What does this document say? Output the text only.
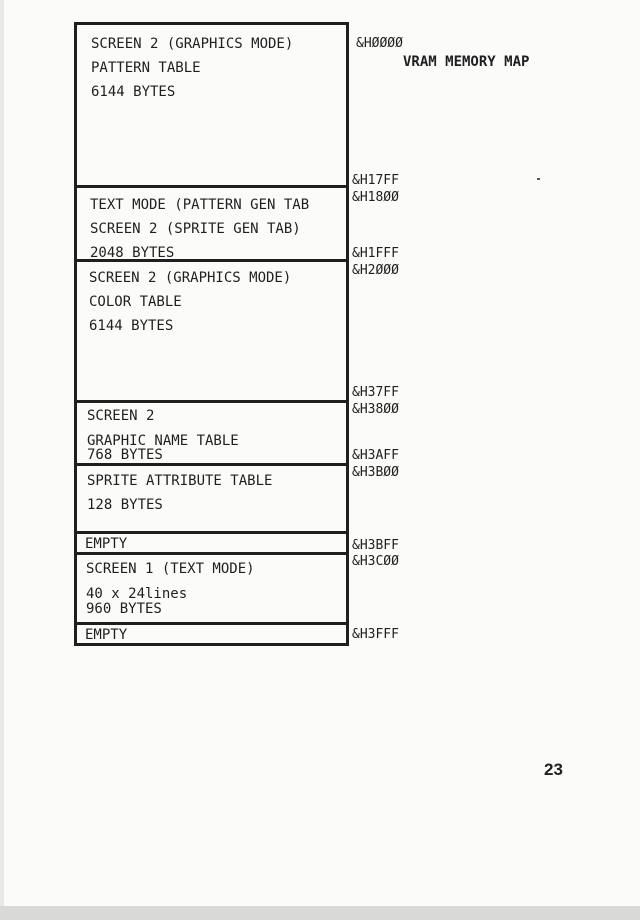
VRAM MEMORY MAP
SCREEN 2 (GRAPHICS MODE)
PATTERN TABLE
6144 BYTES
TEXT MODE (PATTERN GEN TAB
SCREEN 2 (SPRITE GEN TAB)
2048 BYTES
SCREEN 2 (GRAPHICS MODE)
COLOR TABLE
6144 BYTES
SCREEN 2
GRAPHIC NAME TABLE
768 BYTES
SPRITE ATTRIBUTE TABLE
128 BYTES
EMPTY
SCREEN 1 (TEXT MODE)
40 x 24lines
960 BYTES
EMPTY
&HØØØØ
&H17FF
&H18ØØ
&H1FFF
&H2ØØØ
&H37FF
&H38ØØ
&H3AFF
&H3BØØ
&H3BFF
&H3CØØ
&H3FFF
23
